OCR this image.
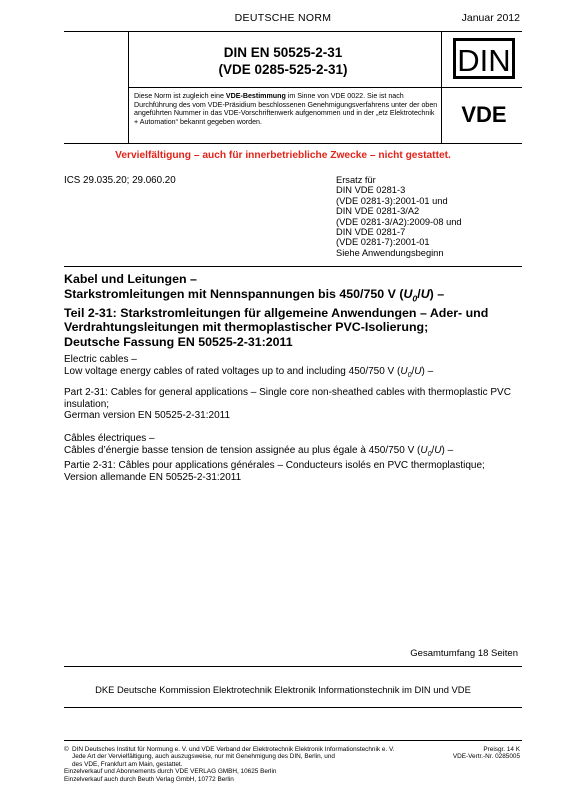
DEUTSCHE NORM	Januar 2012
DIN EN 50525-2-31
(VDE 0285-525-2-31)	DIN
Diese Norm ist zugleich eine VDE-Bestimmung im Sinne von VDE 0022. Sie ist nach Durchführung des vom VDE-Präsidium beschlossenen Genehmigungsverfahrens unter der oben angeführten Nummer in das VDE-Vorschriftenwerk aufgenommen und in der „etz Elektrotechnik + Automation“ bekannt gegeben worden.	VDE
Vervielfältigung – auch für innerbetriebliche Zwecke – nicht gestattet.
ICS 29.035.20; 29.060.20	Ersatz für
DIN VDE 0281-3
(VDE 0281-3):2001-01 und
DIN VDE 0281-3/A2
(VDE 0281-3/A2):2009-08 und
DIN VDE 0281-7
(VDE 0281-7):2001-01
Siehe Anwendungsbeginn
Kabel und Leitungen –
Starkstromleitungen mit Nennspannungen bis 450/750 V $(U_0/U)$ –
Teil 2-31: Starkstromleitungen für allgemeine Anwendungen – Ader- und Verdrahtungsleitungen mit thermoplastischer PVC-Isolierung;
Deutsche Fassung EN 50525-2-31:2011

Electric cables –

Low voltage energy cables of rated voltages up to and including 450/750 V $(U_0/U)$ –

Part 2-31: Cables for general applications – Single core non-sheathed cables with thermoplastic PVC insulation;

German version EN 50525-2-31:2011

Câbles électriques –

Câbles d’énergie basse tension de tension assignée au plus égale à 450/750 V $(U_0/U)$ –

Partie 2-31: Câbles pour applications générales – Conducteurs isolés en PVC thermoplastique;

Version allemande EN 50525-2-31:2011

Gesamtumfang 18 Seiten
DKE Deutsche Kommission Elektrotechnik Elektronik Informationstechnik im DIN und VDE

© DIN Deutsches Institut für Normung e. V. und VDE Verband der Elektrotechnik Elektronik Informationstechnik e. V.

Jede Art der Vervielfältigung, auch auszugsweise, nur mit Genehmigung des DIN, Berlin, und

des VDE, Frankfurt am Main, gestattet.

Einzelverkauf und Abonnements durch VDE VERLAG GMBH, 10625 Berlin

Einzelverkauf auch durch Beuth Verlag GmbH, 10772 Berlin

Preisgr. 14 K

VDE-Vertr.-Nr. 0285005
